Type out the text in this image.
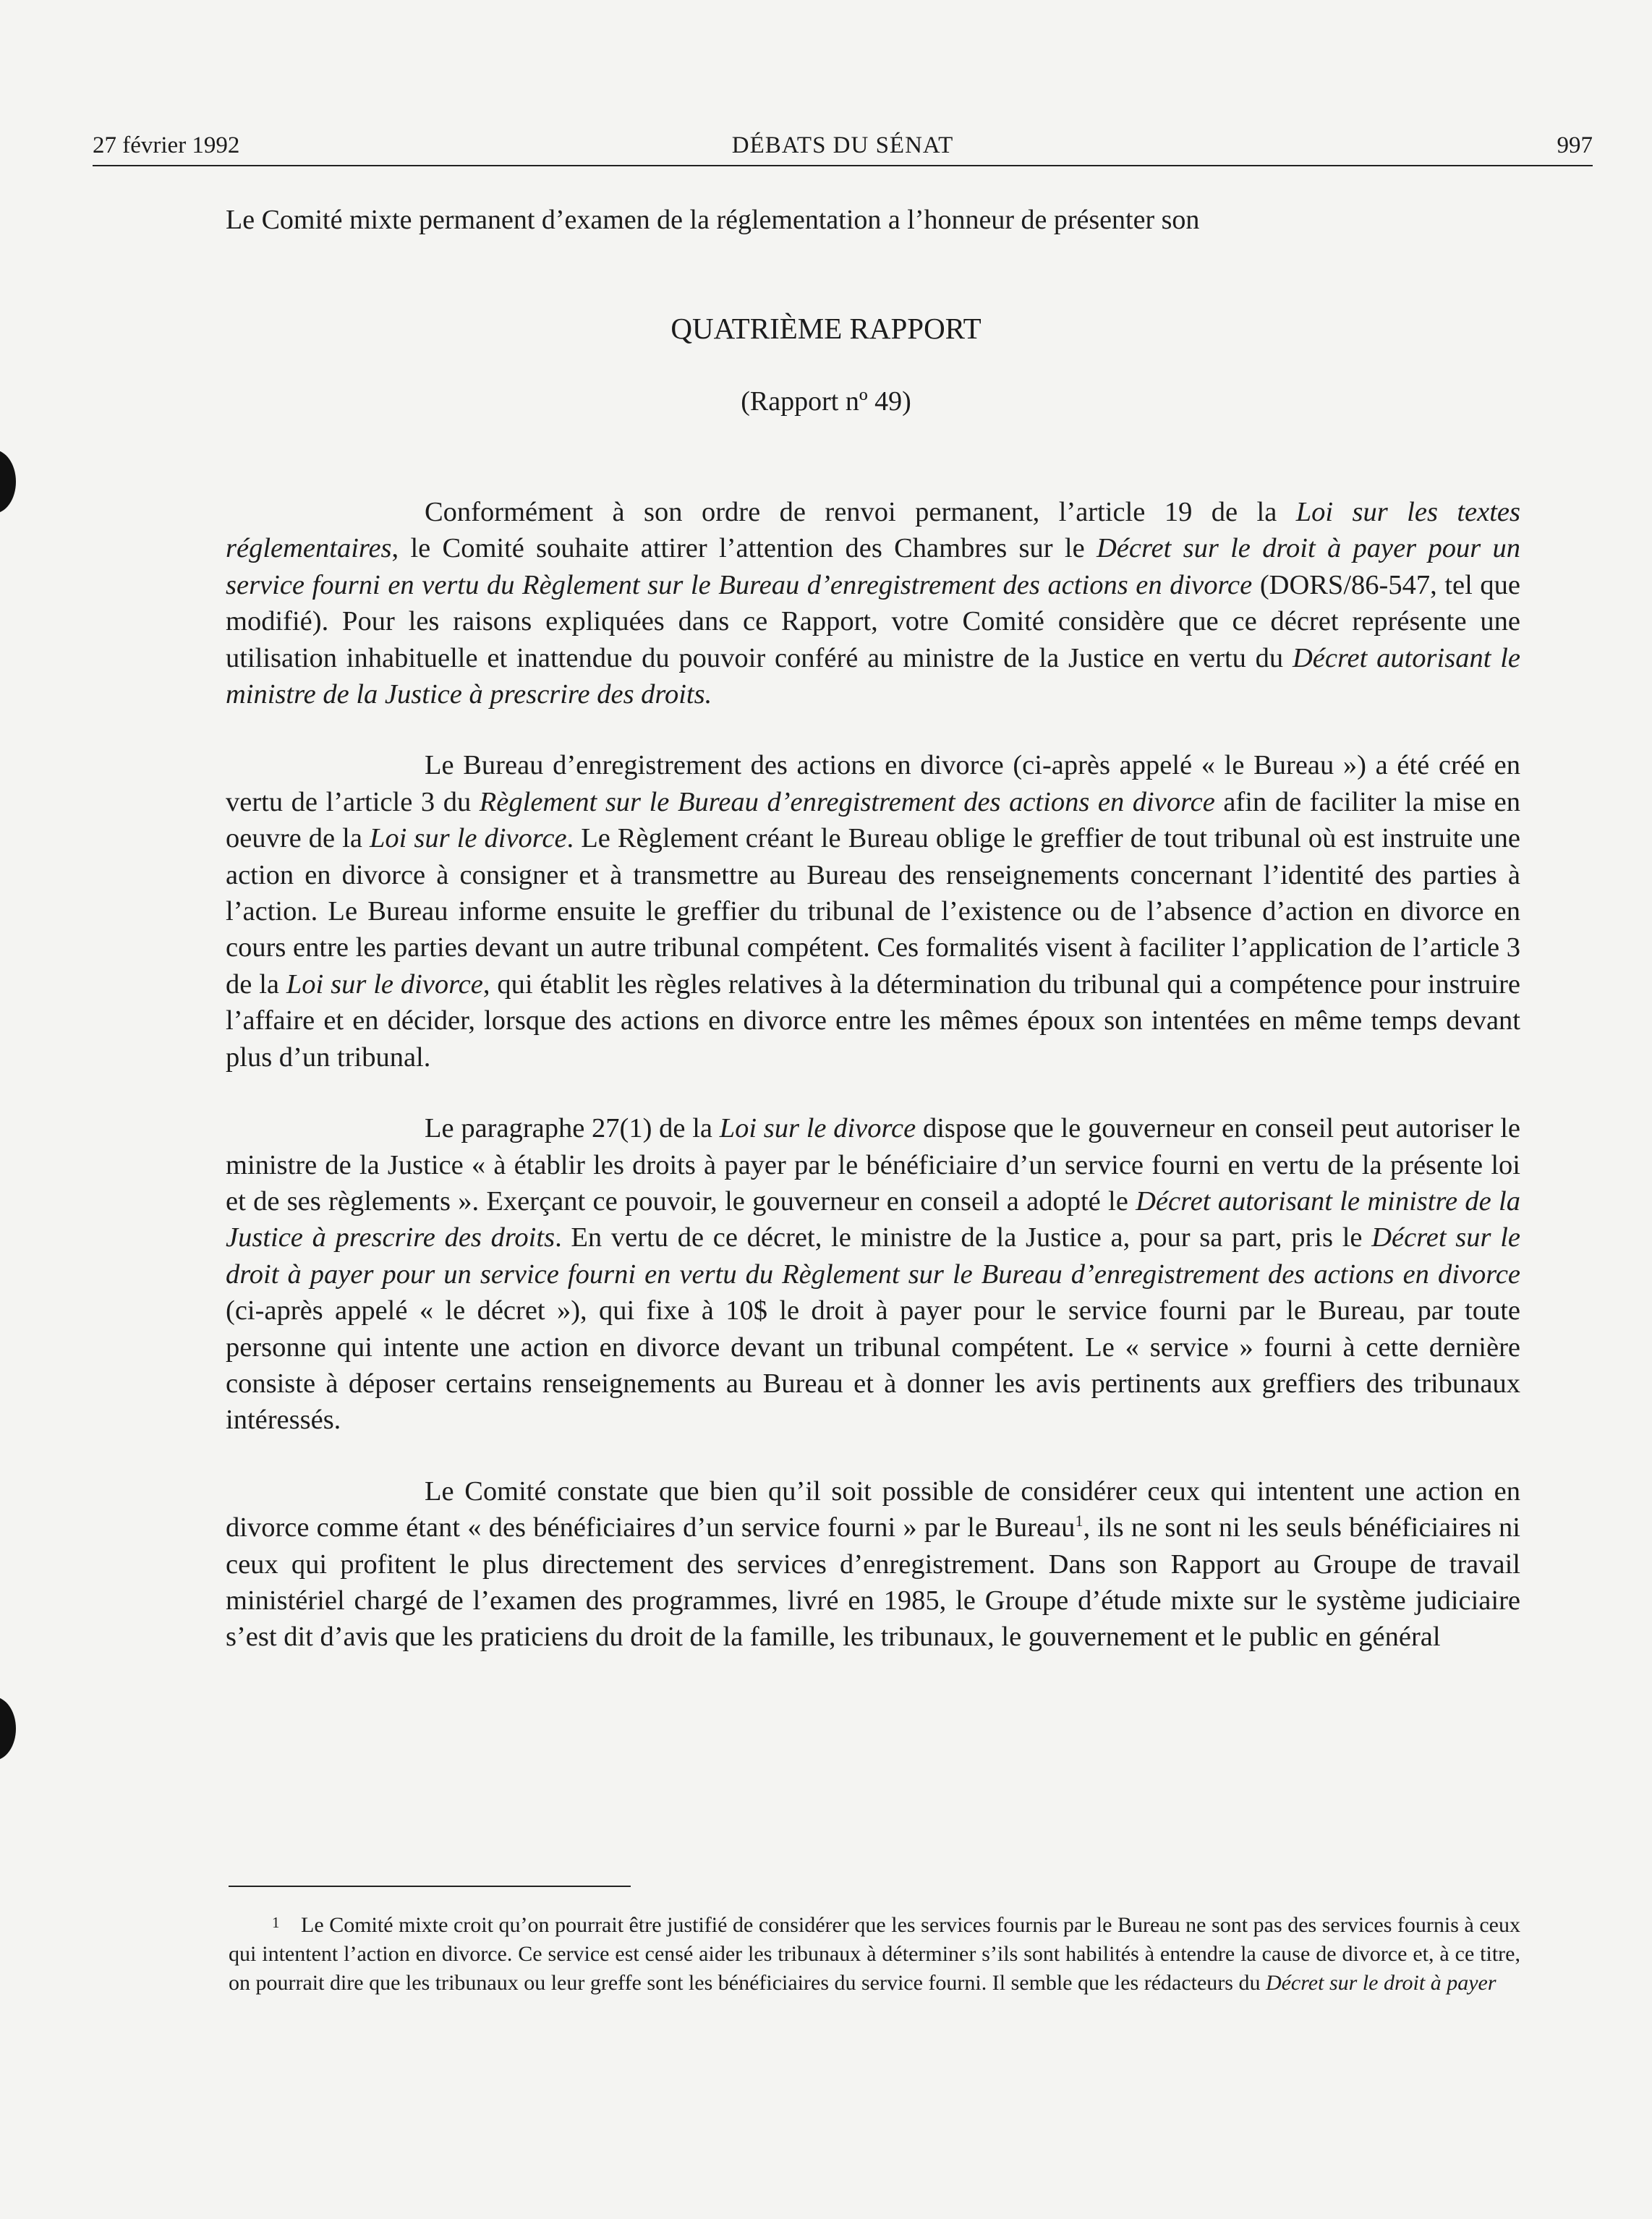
27 février 1992	DÉBATS DU SÉNAT	997
Le Comité mixte permanent d’examen de la réglementation a l’honneur de présenter son
QUATRIÈME RAPPORT
(Rapport nº 49)

Conformément à son ordre de renvoi permanent, l’article 19 de la Loi sur les textes réglementaires, le Comité souhaite attirer l’attention des Chambres sur le Décret sur le droit à payer pour un service fourni en vertu du Règlement sur le Bureau d’enregistrement des actions en divorce (DORS/86-547, tel que modifié). Pour les raisons expliquées dans ce Rapport, votre Comité considère que ce décret représente une utilisation inhabituelle et inattendue du pouvoir conféré au ministre de la Justice en vertu du Décret autorisant le ministre de la Justice à prescrire des droits.

Le Bureau d’enregistrement des actions en divorce (ci-après appelé « le Bureau ») a été créé en vertu de l’article 3 du Règlement sur le Bureau d’enregistrement des actions en divorce afin de faciliter la mise en oeuvre de la Loi sur le divorce. Le Règlement créant le Bureau oblige le greffier de tout tribunal où est instruite une action en divorce à consigner et à transmettre au Bureau des renseignements concernant l’identité des parties à l’action. Le Bureau informe ensuite le greffier du tribunal de l’existence ou de l’absence d’action en divorce en cours entre les parties devant un autre tribunal compétent. Ces formalités visent à faciliter l’application de l’article 3 de la Loi sur le divorce, qui établit les règles relatives à la détermination du tribunal qui a compétence pour instruire l’affaire et en décider, lorsque des actions en divorce entre les mêmes époux son intentées en même temps devant plus d’un tribunal.

Le paragraphe 27(1) de la Loi sur le divorce dispose que le gouverneur en conseil peut autoriser le ministre de la Justice « à établir les droits à payer par le bénéficiaire d’un service fourni en vertu de la présente loi et de ses règlements ». Exerçant ce pouvoir, le gouverneur en conseil a adopté le Décret autorisant le ministre de la Justice à prescrire des droits. En vertu de ce décret, le ministre de la Justice a, pour sa part, pris le Décret sur le droit à payer pour un service fourni en vertu du Règlement sur le Bureau d’enregistrement des actions en divorce (ci-après appelé « le décret »), qui fixe à 10$ le droit à payer pour le service fourni par le Bureau, par toute personne qui intente une action en divorce devant un tribunal compétent. Le « service » fourni à cette dernière consiste à déposer certains renseignements au Bureau et à donner les avis pertinents aux greffiers des tribunaux intéressés.

Le Comité constate que bien qu’il soit possible de considérer ceux qui intentent une action en divorce comme étant « des bénéficiaires d’un service fourni » par le Bureau$^1$, ils ne sont ni les seuls bénéficiaires ni ceux qui profitent le plus directement des services d’enregistrement. Dans son Rapport au Groupe de travail ministériel chargé de l’examen des programmes, livré en 1985, le Groupe d’étude mixte sur le système judiciaire s’est dit d’avis que les praticiens du droit de la famille, les tribunaux, le gouvernement et le public en général

1 Le Comité mixte croit qu’on pourrait être justifié de considérer que les services fournis par le Bureau ne sont pas des services fournis à ceux qui intentent l’action en divorce. Ce service est censé aider les tribunaux à déterminer s’ils sont habilités à entendre la cause de divorce et, à ce titre, on pourrait dire que les tribunaux ou leur greffe sont les bénéficiaires du service fourni. Il semble que les rédacteurs du Décret sur le droit à payer
